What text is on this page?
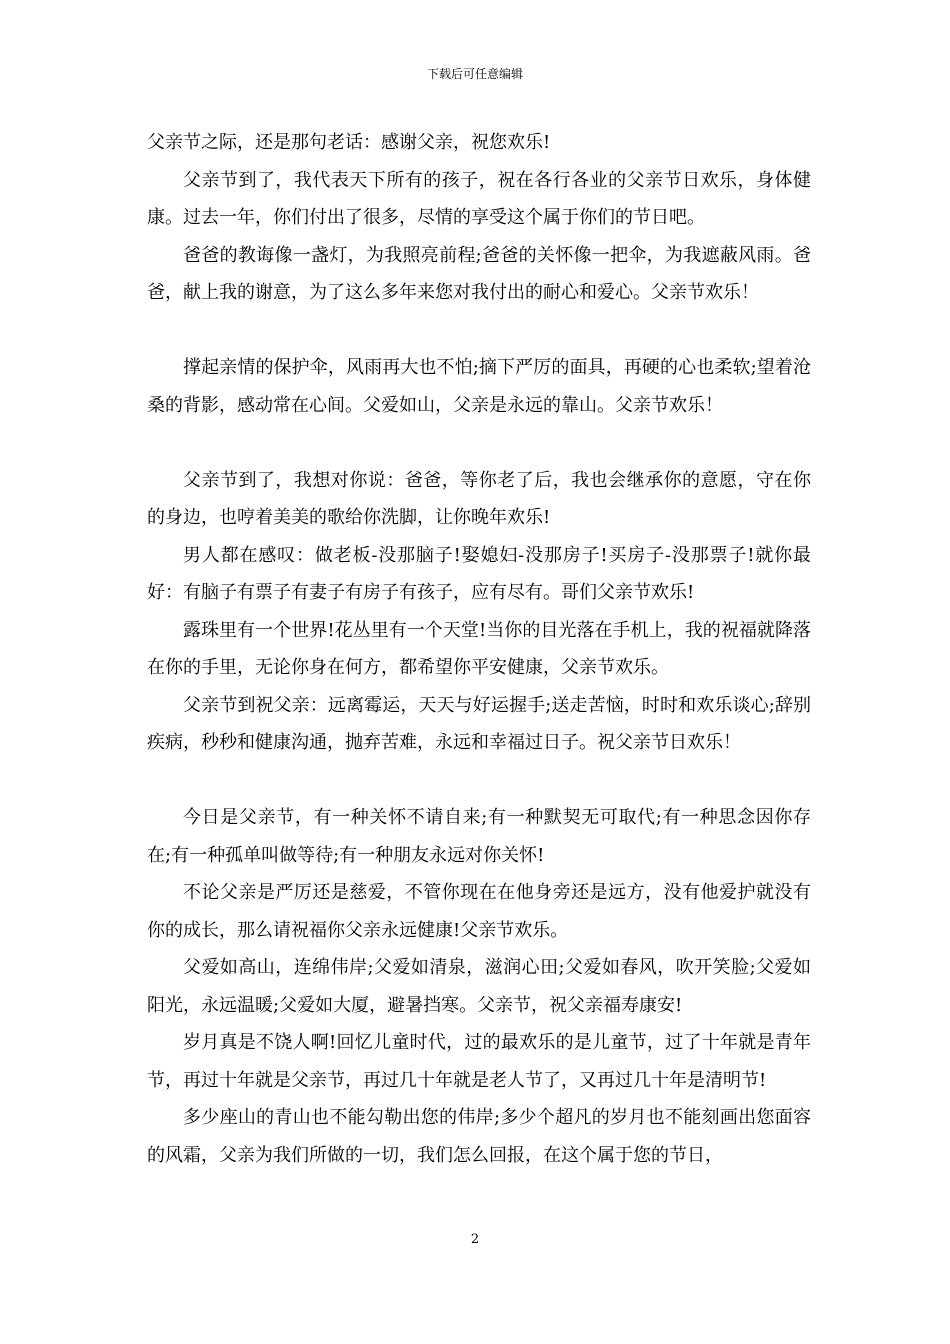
下载后可任意编辑

父亲节之际，还是那句老话：感谢父亲，祝您欢乐!

父亲节到了，我代表天下所有的孩子，祝在各行各业的父亲节日欢乐，身体健康。过去一年，你们付出了很多，尽情的享受这个属于你们的节日吧。

爸爸的教诲像一盏灯，为我照亮前程;爸爸的关怀像一把伞，为我遮蔽风雨。爸爸，献上我的谢意，为了这么多年来您对我付出的耐心和爱心。父亲节欢乐！

撑起亲情的保护伞，风雨再大也不怕;摘下严厉的面具，再硬的心也柔软;望着沧桑的背影，感动常在心间。父爱如山，父亲是永远的靠山。父亲节欢乐！

父亲节到了，我想对你说：爸爸，等你老了后，我也会继承你的意愿，守在你的身边，也哼着美美的歌给你洗脚，让你晚年欢乐!

男人都在感叹：做老板-没那脑子!娶媳妇-没那房子!买房子-没那票子!就你最好：有脑子有票子有妻子有房子有孩子，应有尽有。哥们父亲节欢乐!

露珠里有一个世界!花丛里有一个天堂!当你的目光落在手机上，我的祝福就降落在你的手里，无论你身在何方，都希望你平安健康，父亲节欢乐。

父亲节到祝父亲：远离霉运，天天与好运握手;送走苦恼，时时和欢乐谈心;辞别疾病，秒秒和健康沟通，抛弃苦难，永远和幸福过日子。祝父亲节日欢乐！

今日是父亲节，有一种关怀不请自来;有一种默契无可取代;有一种思念因你存在;有一种孤单叫做等待;有一种朋友永远对你关怀!

不论父亲是严厉还是慈爱，不管你现在在他身旁还是远方，没有他爱护就没有你的成长，那么请祝福你父亲永远健康!父亲节欢乐。

父爱如高山，连绵伟岸;父爱如清泉，滋润心田;父爱如春风，吹开笑脸;父爱如阳光，永远温暖;父爱如大厦，避暑挡寒。父亲节，祝父亲福寿康安!

岁月真是不饶人啊!回忆儿童时代，过的最欢乐的是儿童节，过了十年就是青年节，再过十年就是父亲节，再过几十年就是老人节了，又再过几十年是清明节!

多少座山的青山也不能勾勒出您的伟岸;多少个超凡的岁月也不能刻画出您面容的风霜，父亲为我们所做的一切，我们怎么回报，在这个属于您的节日，

2
